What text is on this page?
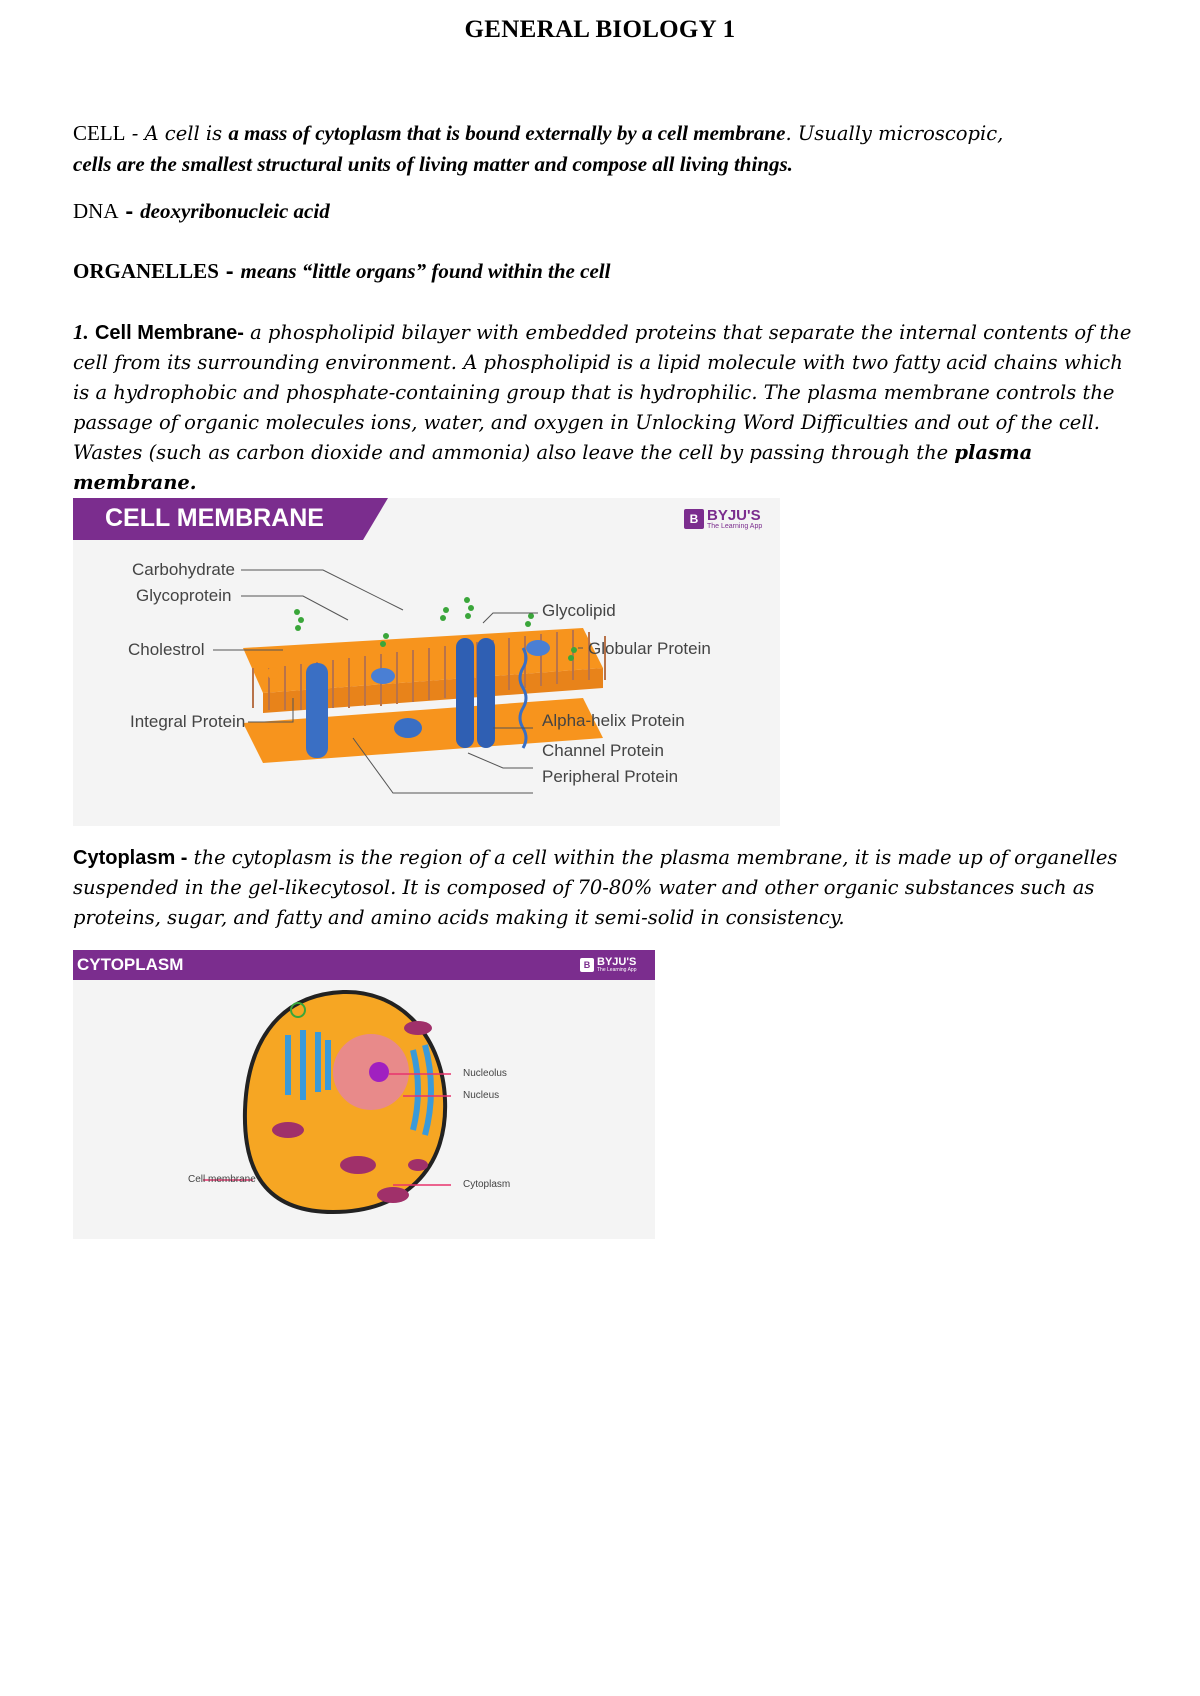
GENERAL BIOLOGY 1
CELL - A cell is a mass of cytoplasm that is bound externally by a cell membrane. Usually microscopic,
cells are the smallest structural units of living matter and compose all living things.
DNA - deoxyribonucleic acid
ORGANELLES - means “little organs” found within the cell
1. Cell Membrane- a phospholipid bilayer with embedded proteins that separate the internal contents of the cell from its surrounding environment. A phospholipid is a lipid molecule with two fatty acid chains which is a hydrophobic and phosphate-containing group that is hydrophilic. The plasma membrane controls the passage of organic molecules ions, water, and oxygen in Unlocking Word Difficulties and out of the cell. Wastes (such as carbon dioxide and ammonia) also leave the cell by passing through the plasma membrane.
CELL MEMBRANE	B BYJU'S
The Learning App
Carbohydrate
Glycoprotein
Cholestrol
Integral Protein
Glycolipid
Globular Protein
Alpha-helix Protein
Channel Protein
Peripheral Protein
Cytoplasm - the cytoplasm is the region of a cell within the plasma membrane, it is made up of organelles suspended in the gel-likecytosol. It is composed of 70-80% water and other organic substances such as proteins, sugar, and fatty and amino acids making it semi-solid in consistency.
CYTOPLASM	B BYJU'S
The Learning App
Nucleolus
Nucleus
Cell membrane	Cytoplasm
